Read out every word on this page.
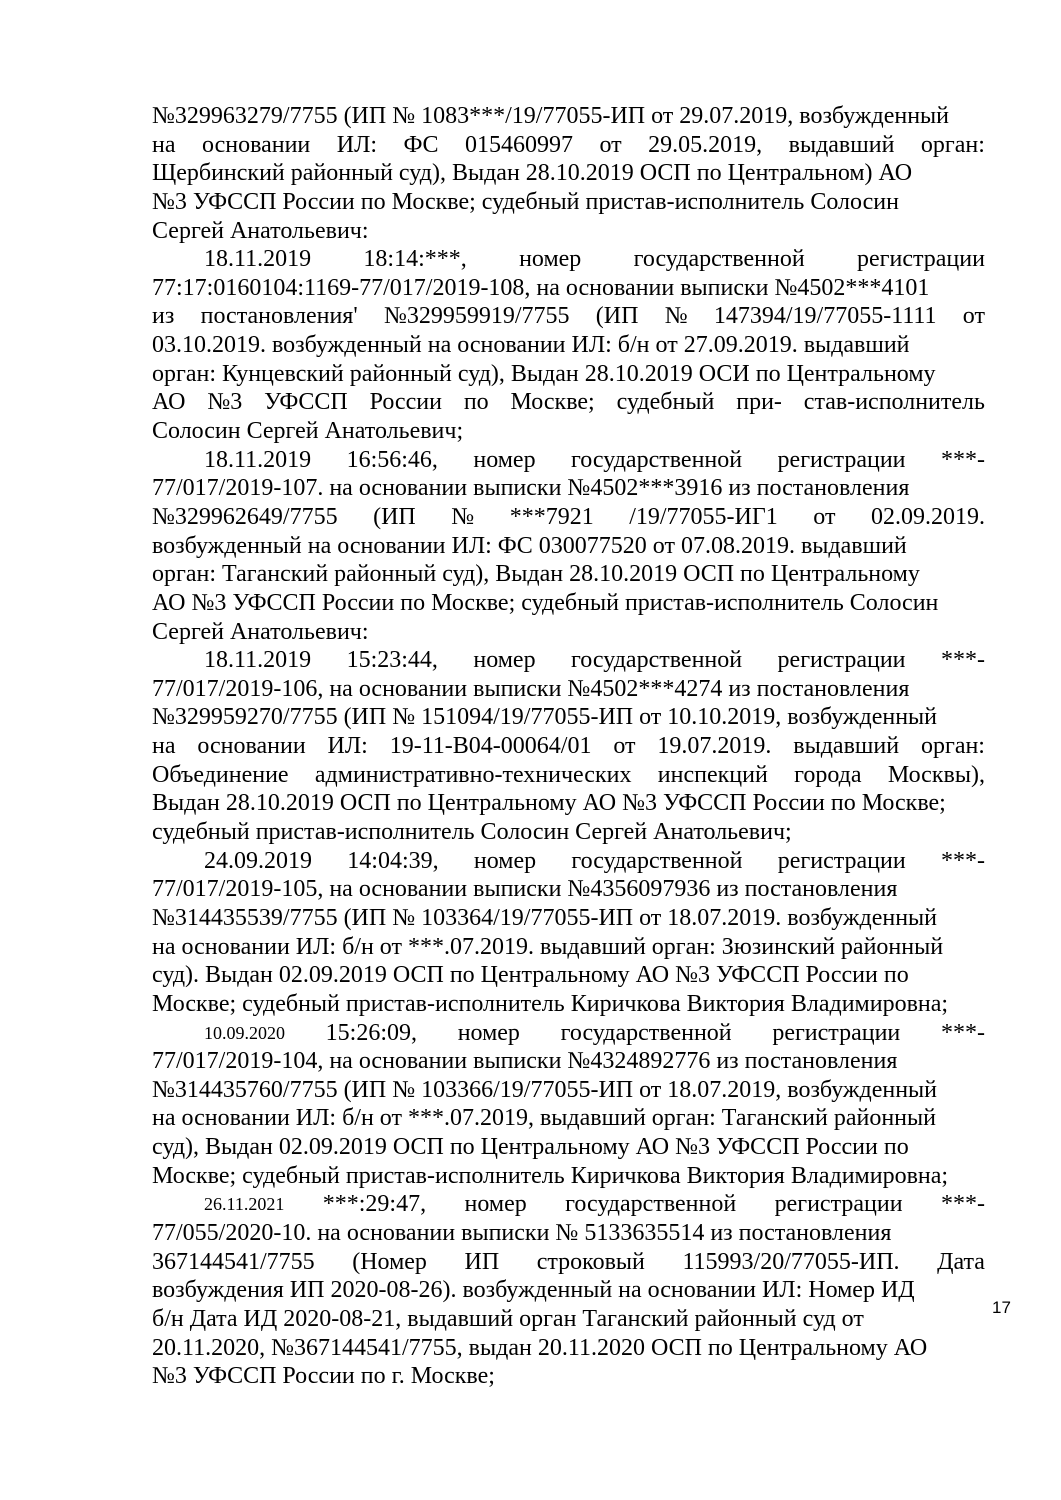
№329963279/7755 (ИП № 1083***/19/77055-ИП от 29.07.2019, возбужденный
на основании ИЛ: ФС 015460997 от 29.05.2019, выдавший орган:
Щербинский районный суд), Выдан 28.10.2019 ОСП по Центральном) АО
№3 УФССП России по Москве; судебный пристав-исполнитель Солосин
Сергей Анатольевич:
18.11.2019 18:14:***, номер государственной регистрации
77:17:0160104:1169-77/017/2019-108, на основании выписки №4502***4101
из постановления' №329959919/7755 (ИП № 147394/19/77055-1111 от
03.10.2019. возбужденный на основании ИЛ: б/н от 27.09.2019. выдавший
орган: Кунцевский районный суд), Выдан 28.10.2019 ОСИ по Центральному
АО №3 УФССП России по Москве; судебный при- став-исполнитель
Солосин Сергей Анатольевич;
18.11.2019 16:56:46, номер государственной регистрации ***-
77/017/2019-107. на основании выписки №4502***3916 из постановления
№329962649/7755 (ИП № ***7921 /19/77055-ИГ1 от 02.09.2019.
возбужденный на основании ИЛ: ФС 030077520 от 07.08.2019. выдавший
орган: Таганский районный суд), Выдан 28.10.2019 ОСП по Центральному
АО №3 УФССП России по Москве; судебный пристав-исполнитель Солосин
Сергей Анатольевич:
18.11.2019 15:23:44, номер государственной регистрации ***-
77/017/2019-106, на основании выписки №4502***4274 из постановления
№329959270/7755 (ИП № 151094/19/77055-ИП от 10.10.2019, возбужденный
на основании ИЛ: 19-11-В04-00064/01 от 19.07.2019. выдавший орган:
Объединение административно-технических инспекций города Москвы),
Выдан 28.10.2019 ОСП по Центральному АО №3 УФССП России по Москве;
судебный пристав-исполнитель Солосин Сергей Анатольевич;
24.09.2019 14:04:39, номер государственной регистрации ***-
77/017/2019-105, на основании выписки №4356097936 из постановления
№314435539/7755 (ИП № 103364/19/77055-ИП от 18.07.2019. возбужденный
на основании ИЛ: б/н от ***.07.2019. выдавший орган: Зюзинский районный
суд). Выдан 02.09.2019 ОСП по Центральному АО №3 УФССП России по
Москве; судебный пристав-исполнитель Киричкова Виктория Владимировна;
10.09.2020 15:26:09, номер государственной регистрации ***-
77/017/2019-104, на основании выписки №4324892776 из постановления
№314435760/7755 (ИП № 103366/19/77055-ИП от 18.07.2019, возбужденный
на основании ИЛ: б/н от ***.07.2019, выдавший орган: Таганский районный
суд), Выдан 02.09.2019 ОСП по Центральному АО №3 УФССП России по
Москве; судебный пристав-исполнитель Киричкова Виктория Владимировна;
26.11.2021 ***:29:47, номер государственной регистрации ***-
77/055/2020-10. на основании выписки № 5133635514 из постановления
367144541/7755 (Номер ИП строковый 115993/20/77055-ИП. Дата
возбуждения ИП 2020-08-26). возбужденный на основании ИЛ: Номер ИД
б/н Дата ИД 2020-08-21, выдавший орган Таганский районный суд от
20.11.2020, №367144541/7755, выдан 20.11.2020 ОСП по Центральному АО
№3 УФССП России по г. Москве;
17
